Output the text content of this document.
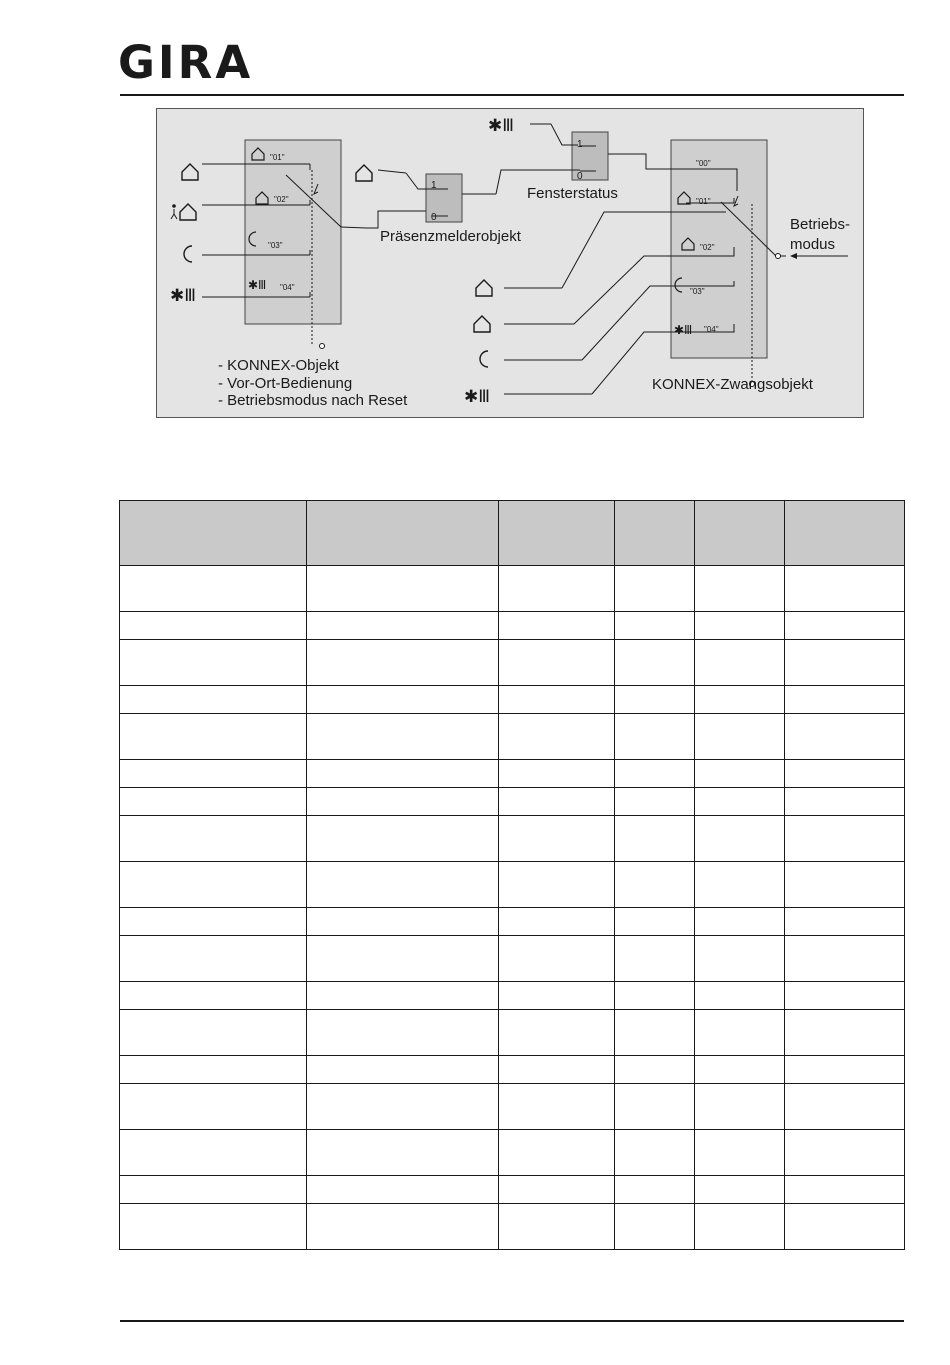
GIRA
✱Ⅲ
✱Ⅲ
✱Ⅲ
✱Ⅲ
✱Ⅲ
"01"
"02"
"03"
"04"
"00"
"01"
"02"
"03"
"04"
1
0
1
0
Präsenzmelderobjekt
Fensterstatus
Betriebs-
modus
KONNEX-Zwangsobjekt
- KONNEX-Objekt
- Vor-Ort-Bedienung
- Betriebsmodus nach Reset
